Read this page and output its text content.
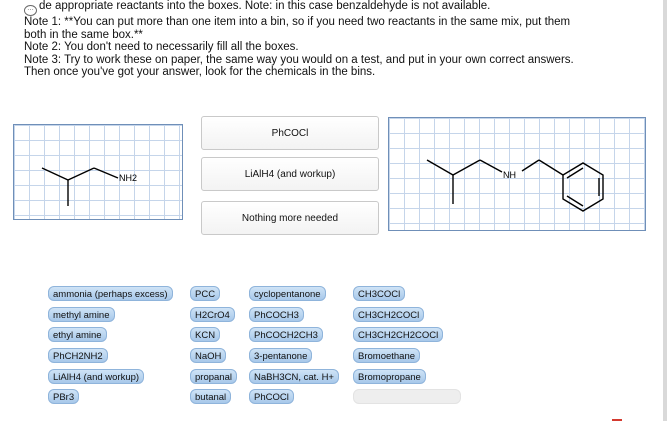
… de appropriate reactants into the boxes. Note: in this case benzaldehyde is not available.
Note 1: **You can put more than one item into a bin, so if you need two reactants in the same mix, put them
both in the same box.**
Note 2: You don't need to necessarily fill all the boxes.
Note 3: Try to work these on paper, the same way you would on a test, and put in your own correct answers.
Then once you've got your answer, look for the chemicals in the bins.
NH2
PhCOCl
LiAlH4 (and workup)
Nothing more needed
NH
ammonia (perhaps excess)
methyl amine
ethyl amine
PhCH2NH2
LiAlH4 (and workup)
PBr3
PCC
H2CrO4
KCN
NaOH
propanal
butanal
cyclopentanone
PhCOCH3
PhCOCH2CH3
3-pentanone
NaBH3CN, cat. H+
PhCOCl
CH3COCl
CH3CH2COCl
CH3CH2CH2COCl
Bromoethane
Bromopropane
